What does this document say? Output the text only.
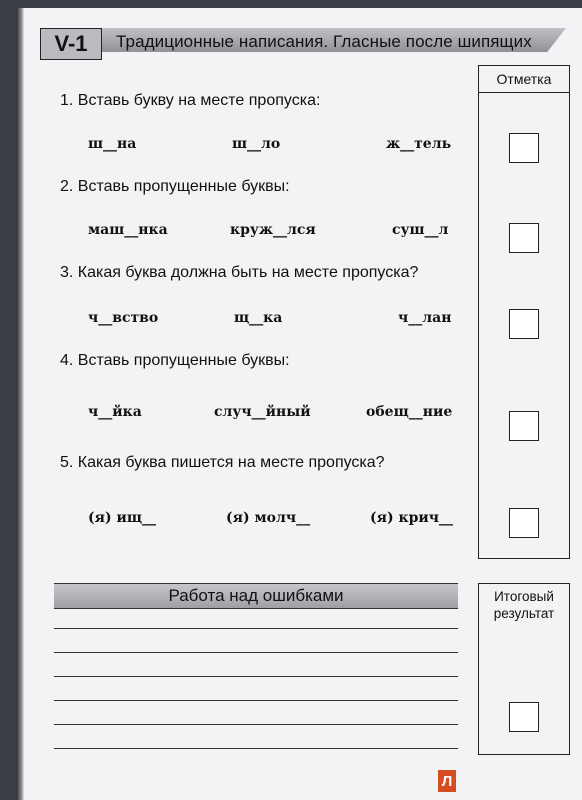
V-1	Традиционные написания. Гласные после шипящих
Отметка
1. Вставь букву на месте пропуска:
ш__на	ш__ло	ж__тель
2. Вставь пропущенные буквы:
маш__нка	круж__лся	суш__л
3. Какая буква должна быть на месте пропуска?
ч__вство	щ__ка	ч__лан
4. Вставь пропущенные буквы:
ч__йка	случ__йный	обещ__ние
5. Какая буква пишется на месте пропуска?
(я) ищ__	(я) молч__	(я) крич__
Работа над ошибками	Итоговый результат
Л
